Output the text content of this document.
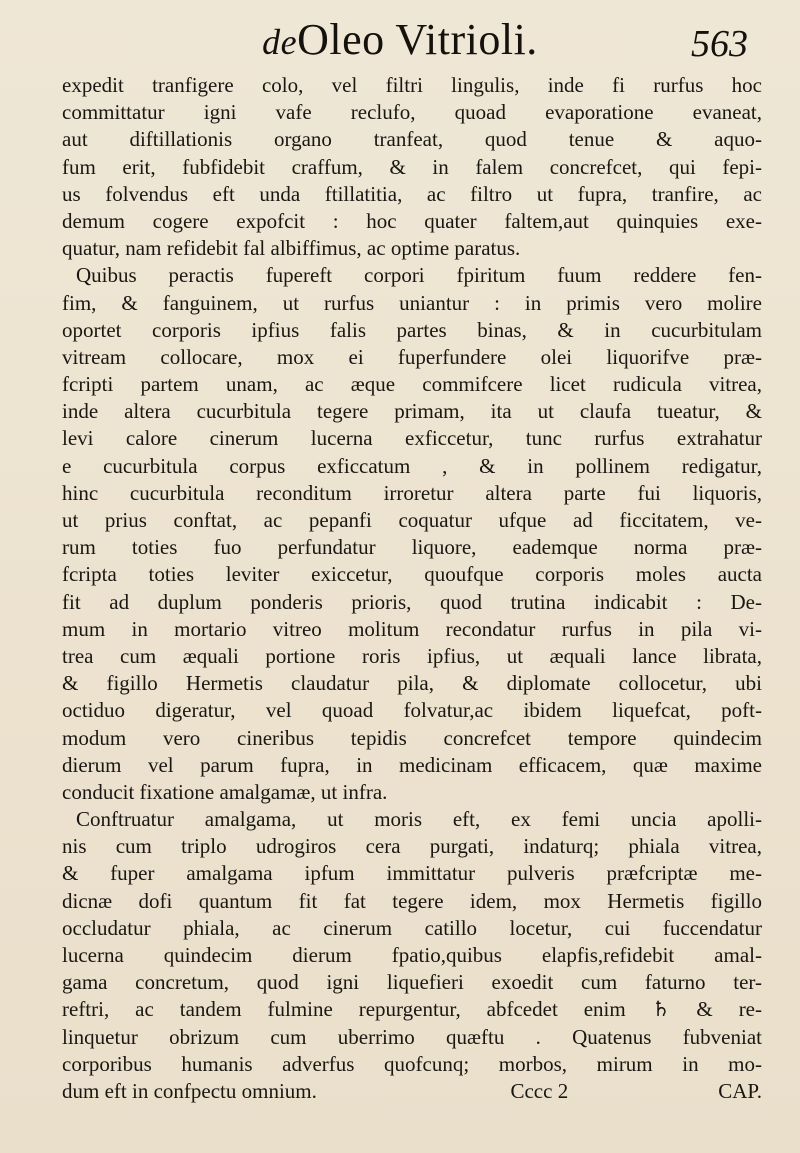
deOleo Vitrioli.	563
expedit tranfigere colo, vel filtri lingulis, inde fi rurfus hoc
committatur igni vafe reclufo, quoad evaporatione evaneat,
aut diftillationis organo tranfeat, quod tenue & aquo-
fum erit, fubfidebit craffum, & in falem concrefcet, qui fepi-
us folvendus eft unda ftillatitia, ac filtro ut fupra, tranfire, ac
demum cogere expofcit : hoc quater faltem,aut quinquies exe-
quatur, nam refidebit fal albiffimus, ac optime paratus.
Quibus peractis fupereft corpori fpiritum fuum reddere fen-
fim, & fanguinem, ut rurfus uniantur : in primis vero molire
oportet corporis ipfius falis partes binas, & in cucurbitulam
vitream collocare, mox ei fuperfundere olei liquorifve præ-
fcripti partem unam, ac æque commifcere licet rudicula vitrea,
inde altera cucurbitula tegere primam, ita ut claufa tueatur, &
levi calore cinerum lucerna exficcetur, tunc rurfus extrahatur
e cucurbitula corpus exficcatum , & in pollinem redigatur,
hinc cucurbitula reconditum irroretur altera parte fui liquoris,
ut prius conftat, ac pepanfi coquatur ufque ad ficcitatem, ve-
rum toties fuo perfundatur liquore, eademque norma præ-
fcripta toties leviter exiccetur, quoufque corporis moles aucta
fit ad duplum ponderis prioris, quod trutina indicabit : De-
mum in mortario vitreo molitum recondatur rurfus in pila vi-
trea cum æquali portione roris ipfius, ut æquali lance librata,
& figillo Hermetis claudatur pila, & diplomate collocetur, ubi
octiduo digeratur, vel quoad folvatur,ac ibidem liquefcat, poft-
modum vero cineribus tepidis concrefcet tempore quindecim
dierum vel parum fupra, in medicinam efficacem, quæ maxime
conducit fixatione amalgamæ, ut infra.
Conftruatur amalgama, ut moris eft, ex femi uncia apolli-
nis cum triplo udrogiros cera purgati, indaturq; phiala vitrea,
& fuper amalgama ipfum immittatur pulveris præfcriptæ me-
dicnæ dofi quantum fit fat tegere idem, mox Hermetis figillo
occludatur phiala, ac cinerum catillo locetur, cui fuccendatur
lucerna quindecim dierum fpatio,quibus elapfis,refidebit amal-
gama concretum, quod igni liquefieri exoedit cum faturno ter-
reftri, ac tandem fulmine repurgentur, abfcedet enim ♄ & re-
linquetur obrizum cum uberrimo quæftu . Quatenus fubveniat
corporibus humanis adverfus quofcunq; morbos, mirum in mo-
dum eft in confpectu omnium.	Cccc 2	CAP.
